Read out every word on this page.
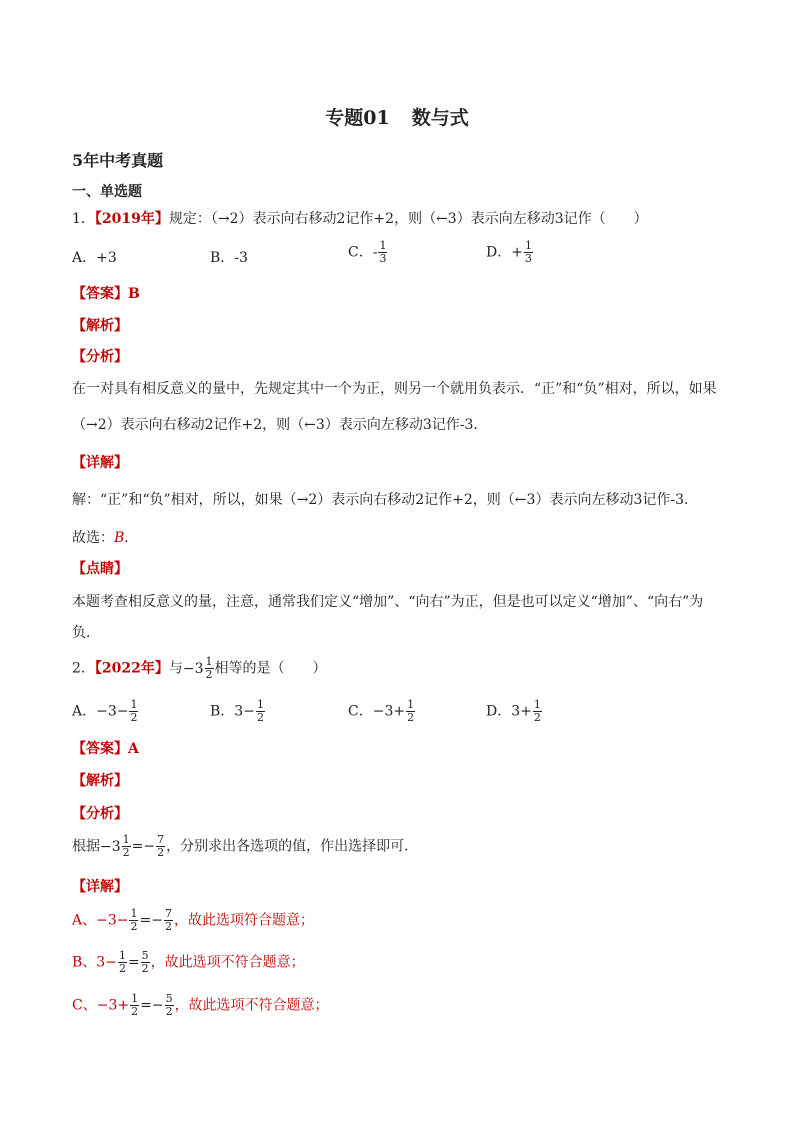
专题01 数与式
5年中考真题
一、单选题
1．【2019年】规定：（→2）表示向右移动2记作+2，则（←3）表示向左移动3记作（　　）
A．+3	B．-3	C．- $\frac{1}{3}$	D．+ $\frac{1}{3}$
【答案】B
【解析】
【分析】
在一对具有相反意义的量中，先规定其中一个为正，则另一个就用负表示．“正”和“负”相对，所以，如果
（→2）表示向右移动2记作+2，则（←3）表示向左移动3记作-3．
【详解】
解：“正”和“负”相对，所以，如果（→2）表示向右移动2记作+2，则（←3）表示向左移动3记作-3．
故选：B．
【点睛】
本题考查相反意义的量，注意，通常我们定义“增加”、“向右”为正，但是也可以定义“增加”、“向右”为
负．
2．【2022年】与 $-3 \frac{1}{2}$ 相等的是（　　）
A．$-3- \frac{1}{2}$	B．$3- \frac{1}{2}$	C．$-3+ \frac{1}{2}$	D．$3+ \frac{1}{2}$
【答案】A
【解析】
【分析】
根据 $-3 \frac{1}{2} =- \frac{7}{2}$ ，分别求出各选项的值，作出选择即可．
【详解】
A、$-3- \frac{1}{2} =- \frac{7}{2}$ ，故此选项符合题意；
B、$3- \frac{1}{2} = \frac{5}{2}$ ，故此选项不符合题意；
C、$-3+ \frac{1}{2} =- \frac{5}{2}$ ，故此选项不符合题意；
